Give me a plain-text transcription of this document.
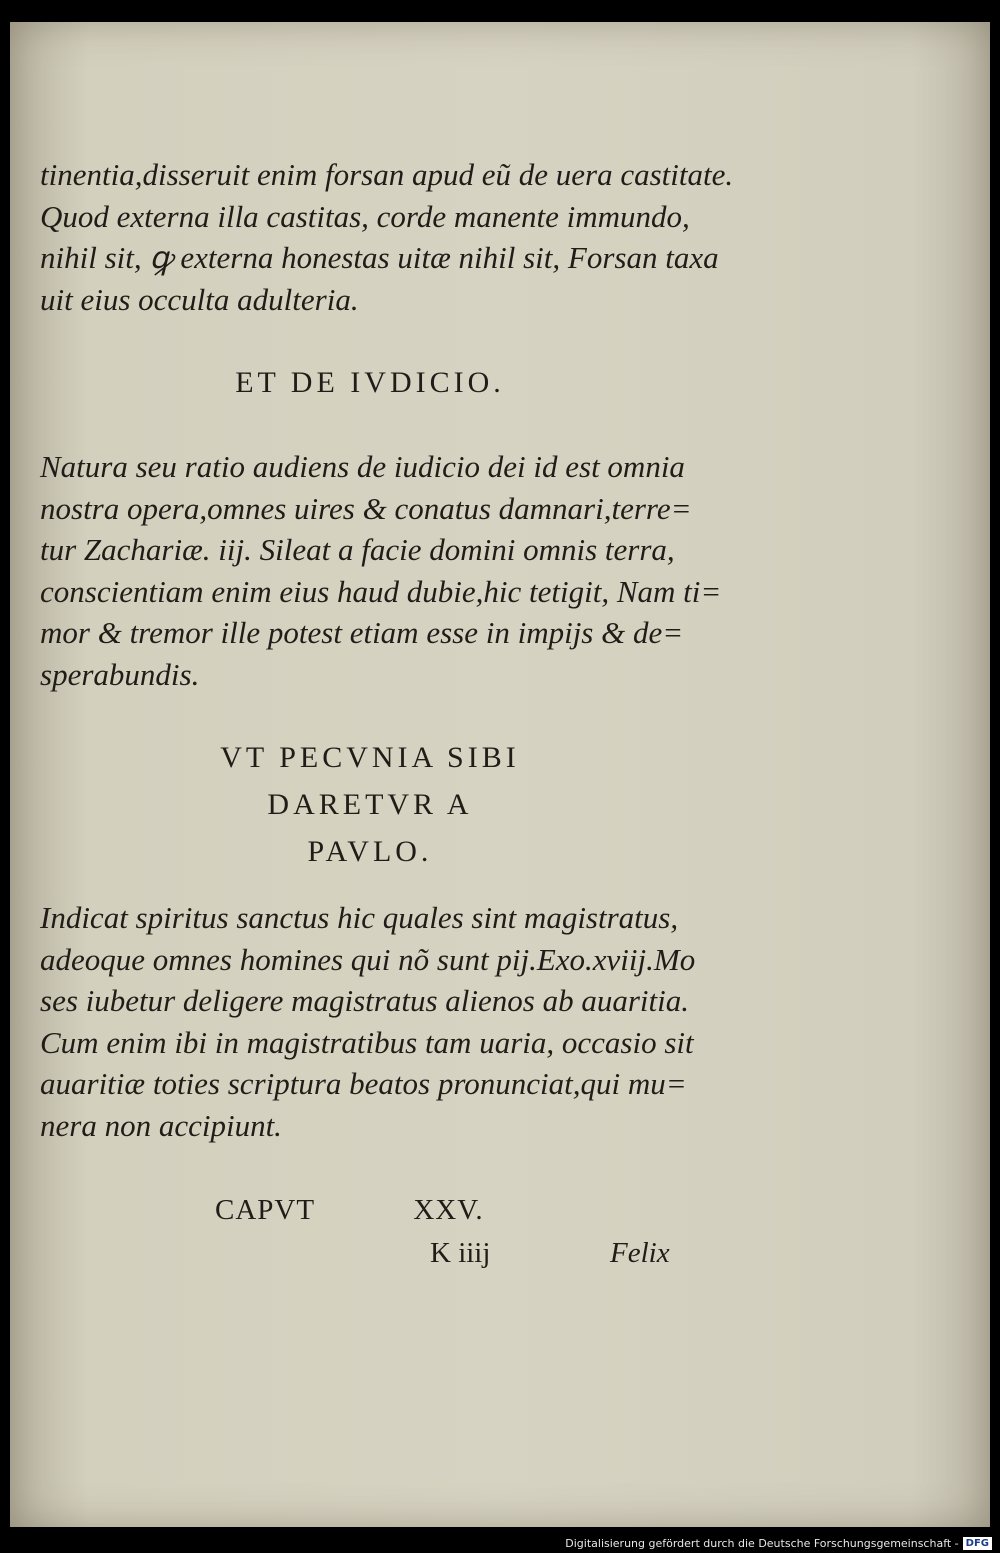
tinentia,disseruit enim forsan apud eũ de uera castitate.
Quod externa illa castitas, corde manente immundo,
nihil sit, ꝙ externa honestas uitæ nihil sit, Forsan taxa
uit eius occulta adulteria.
ET DE IVDICIO.
Natura seu ratio audiens de iudicio dei id est omnia
nostra opera,omnes uires & conatus damnari,terre=
tur Zachariæ. iij. Sileat a facie domini omnis terra,
conscientiam enim eius haud dubie,hic tetigit, Nam ti=
mor & tremor ille potest etiam esse in impijs & de=
sperabundis.
VT PECVNIA SIBI
DARETVR A
PAVLO.
Indicat spiritus sanctus hic quales sint magistratus,
adeoque omnes homines qui nõ sunt pij.Exo.xviij.Mo
ses iubetur deligere magistratus alienos ab auaritia.
Cum enim ibi in magistratibus tam uaria, occasio sit
auaritiæ toties scriptura beatos pronunciat,qui mu=
nera non accipiunt.
CAPVT	XXV.
K iiij	Felix
Digitalisierung gefördert durch die Deutsche Forschungsgemeinschaft - DFG
